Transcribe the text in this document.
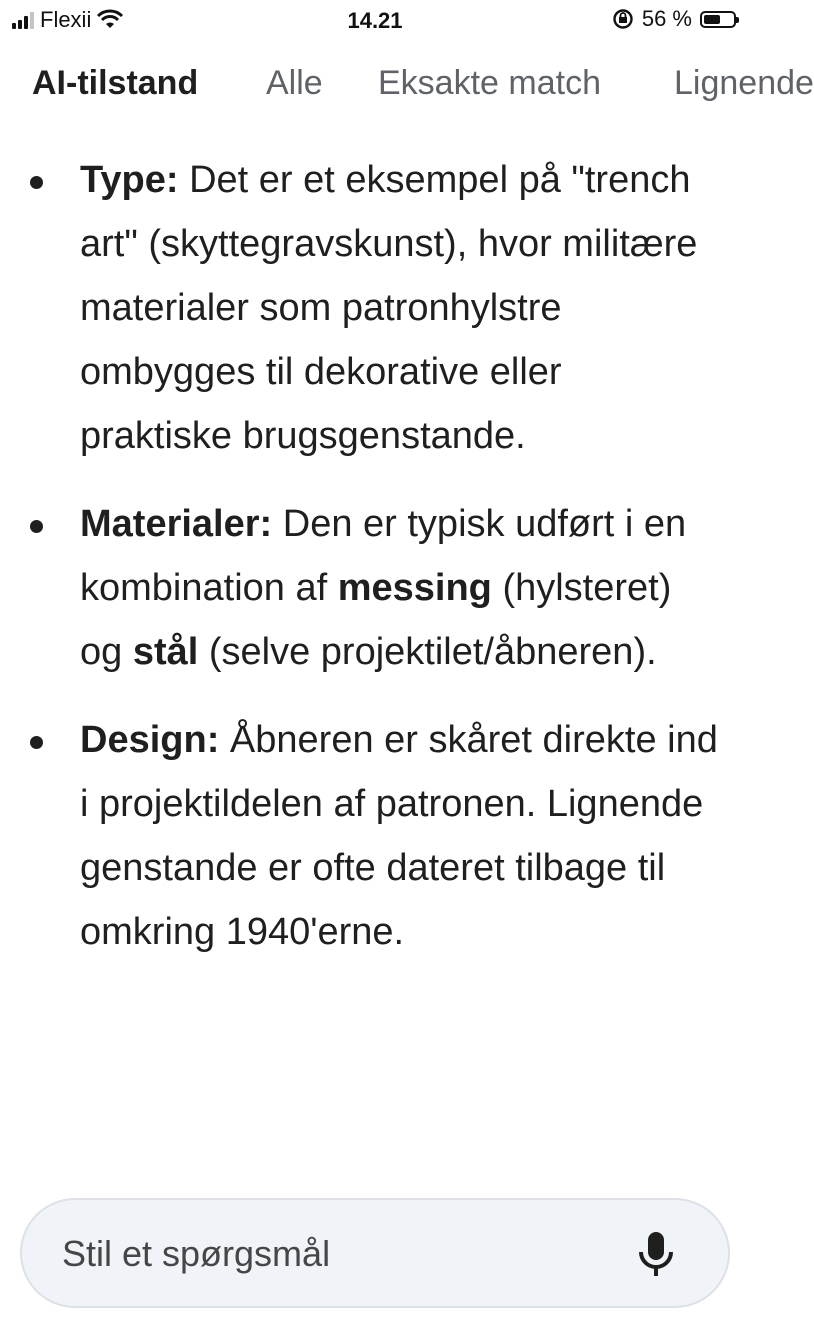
Flexii	14.21	56 %
AI-tilstand Alle Eksakte match Lignende
Type: Det er et eksempel på "trench art" (skyttegravskunst), hvor militære materialer som patronhylstre ombygges til dekorative eller praktiske brugsgenstande.
Materialer: Den er typisk udført i en kombination af messing (hylsteret) og stål (selve projektilet/åbneren).
Design: Åbneren er skåret direkte ind i projektildelen af patronen. Lignende genstande er ofte dateret tilbage til omkring 1940'erne.
Stil et spørgsmål
